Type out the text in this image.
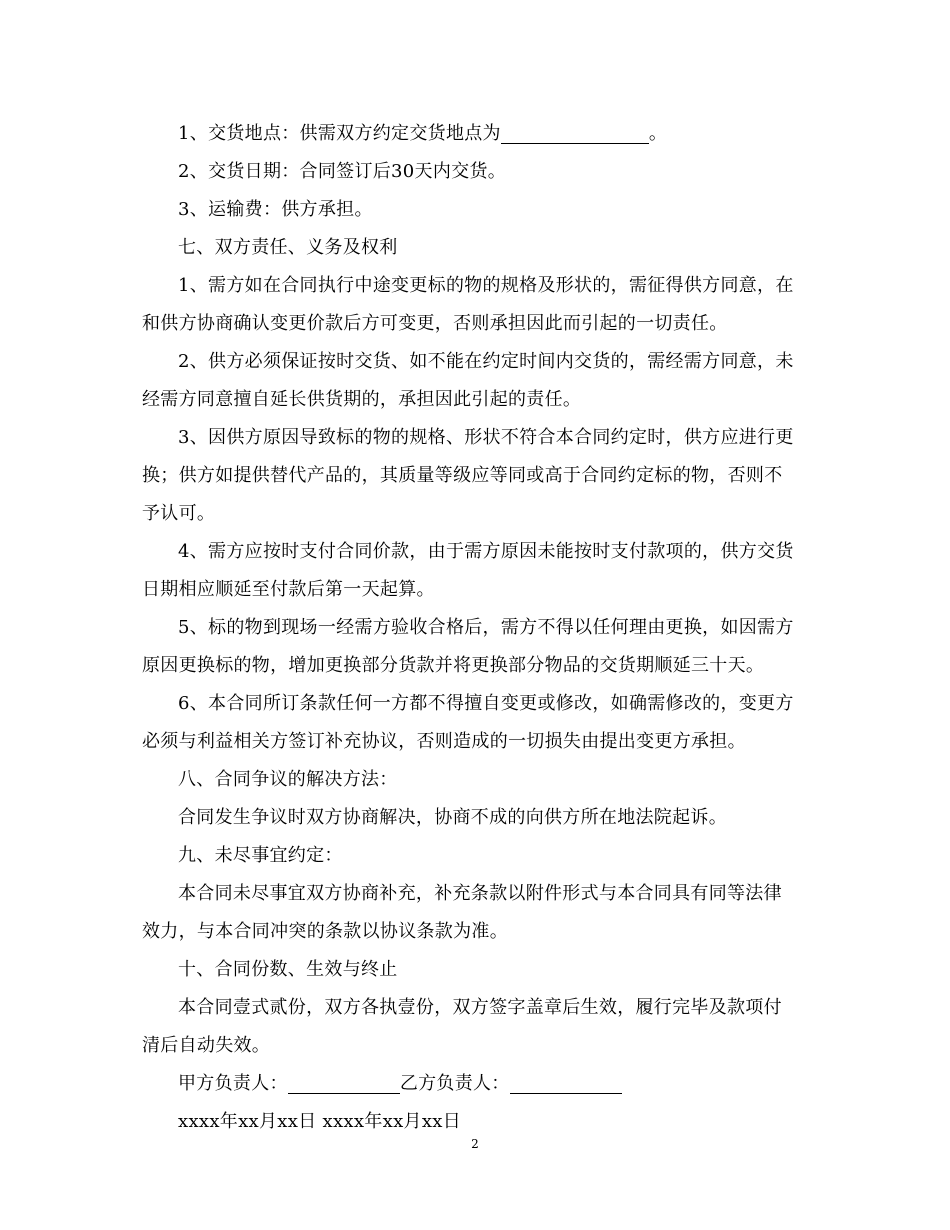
1、交货地点：供需双方约定交货地点为	。
2、交货日期：合同签订后30天内交货。
3、运输费：供方承担。
七、双方责任、义务及权利
1、需方如在合同执行中途变更标的物的规格及形状的，需征得供方同意，在
和供方协商确认变更价款后方可变更，否则承担因此而引起的一切责任。
2、供方必须保证按时交货、如不能在约定时间内交货的，需经需方同意，未
经需方同意擅自延长供货期的，承担因此引起的责任。
3、因供方原因导致标的物的规格、形状不符合本合同约定时，供方应进行更
换；供方如提供替代产品的，其质量等级应等同或高于合同约定标的物，否则不
予认可。
4、需方应按时支付合同价款，由于需方原因未能按时支付款项的，供方交货
日期相应顺延至付款后第一天起算。
5、标的物到现场一经需方验收合格后，需方不得以任何理由更换，如因需方
原因更换标的物，增加更换部分货款并将更换部分物品的交货期顺延三十天。
6、本合同所订条款任何一方都不得擅自变更或修改，如确需修改的，变更方
必须与利益相关方签订补充协议，否则造成的一切损失由提出变更方承担。
八、合同争议的解决方法：
合同发生争议时双方协商解决，协商不成的向供方所在地法院起诉。
九、未尽事宜约定：
本合同未尽事宜双方协商补充，补充条款以附件形式与本合同具有同等法律
效力，与本合同冲突的条款以协议条款为准。
十、合同份数、生效与终止
本合同壹式贰份，双方各执壹份，双方签字盖章后生效，履行完毕及款项付
清后自动失效。
甲方负责人：	乙方负责人：
xxxx年xx月xx日 xxxx年xx月xx日
2
